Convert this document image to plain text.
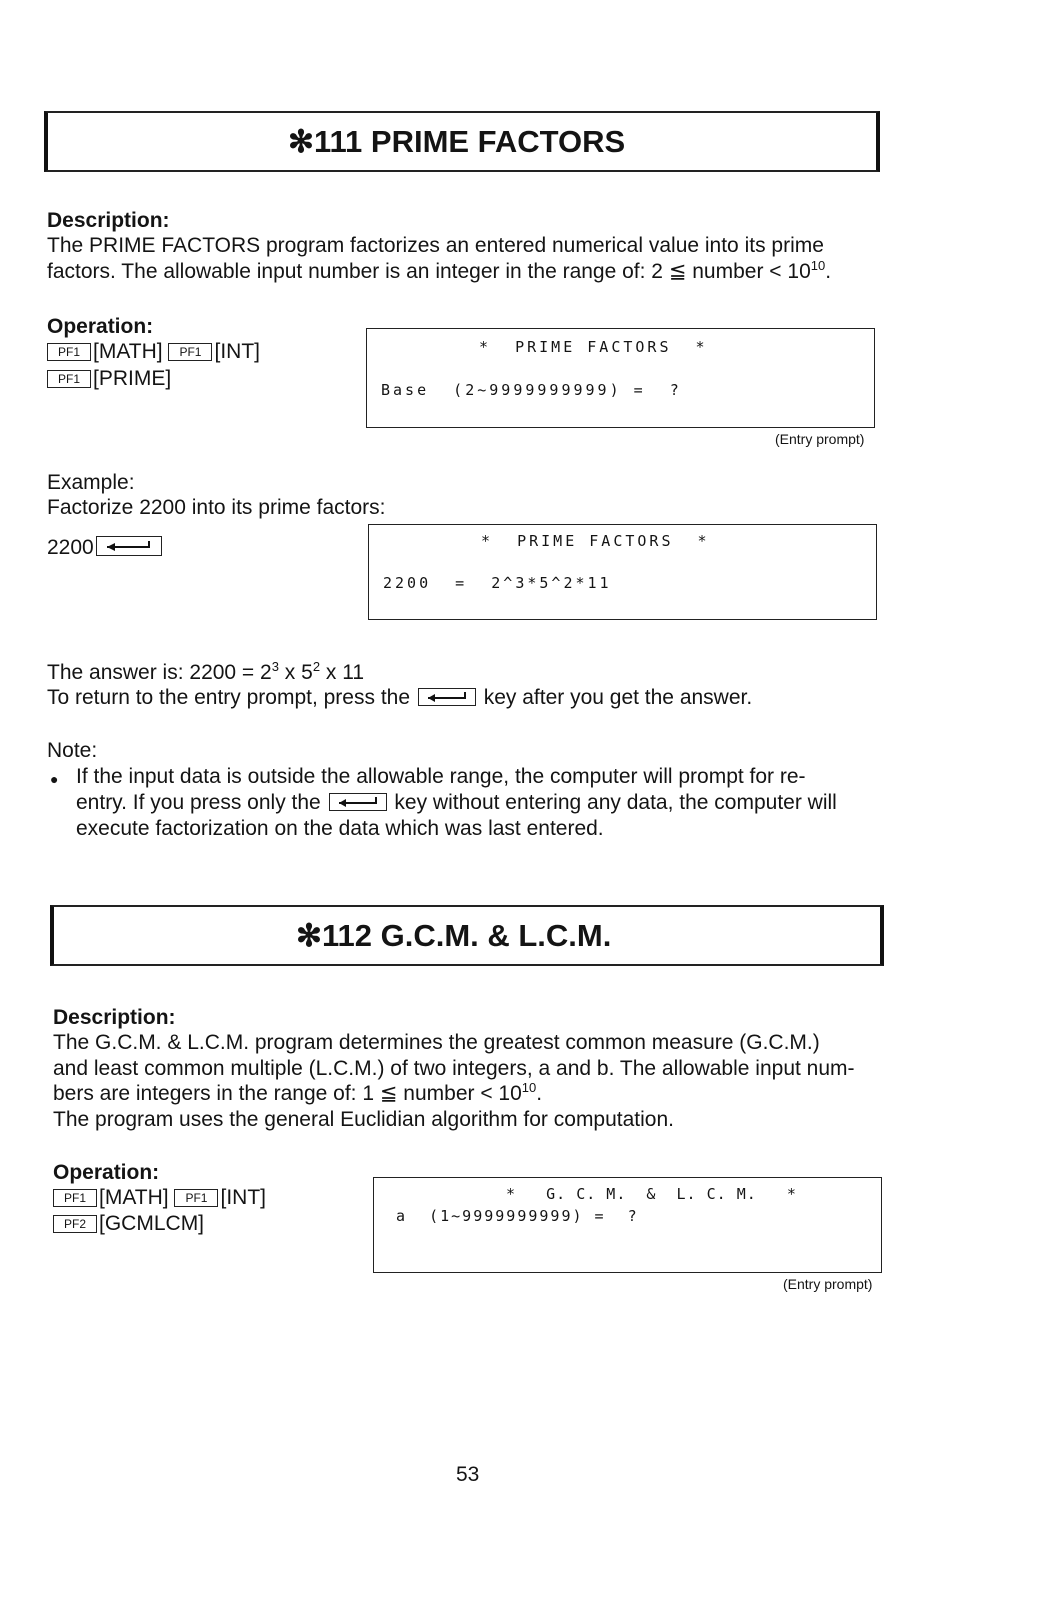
✻111 PRIME FACTORS
Description:
The PRIME FACTORS program factorizes an entered numerical value into its prime
factors. The allowable input number is an integer in the range of: 2 ≦ number < $10^{10}$.
Operation:
PF1 [MATH] PF1 [INT]
PF1 [PRIME]
*  PRIME FACTORS  *
Base  (2~9999999999) =  ?
(Entry prompt)
Example:
Factorize 2200 into its prime factors:
2200	*  PRIME FACTORS  *
2200  =  2^3*5^2*11
The answer is: $2200 = 2^3$ x $5^2$ x 11
To return to the entry prompt, press the	key after you get the answer.
Note:
● If the input data is outside the allowable range, the computer will prompt for re-
entry. If you press only the	key without entering any data, the computer will
execute factorization on the data which was last entered.
✻112 G.C.M. & L.C.M.
Description:
The G.C.M. & L.C.M. program determines the greatest common measure (G.C.M.)
and least common multiple (L.C.M.) of two integers, a and b. The allowable input num-
bers are integers in the range of: 1 ≦ number < $10^{10}$.
The program uses the general Euclidian algorithm for computation.
Operation:
PF1 [MATH] PF1 [INT]
PF2 [GCMLCM]
*   G. C. M.  &  L. C. M.   *
a  (1~9999999999) =  ?
(Entry prompt)
53
